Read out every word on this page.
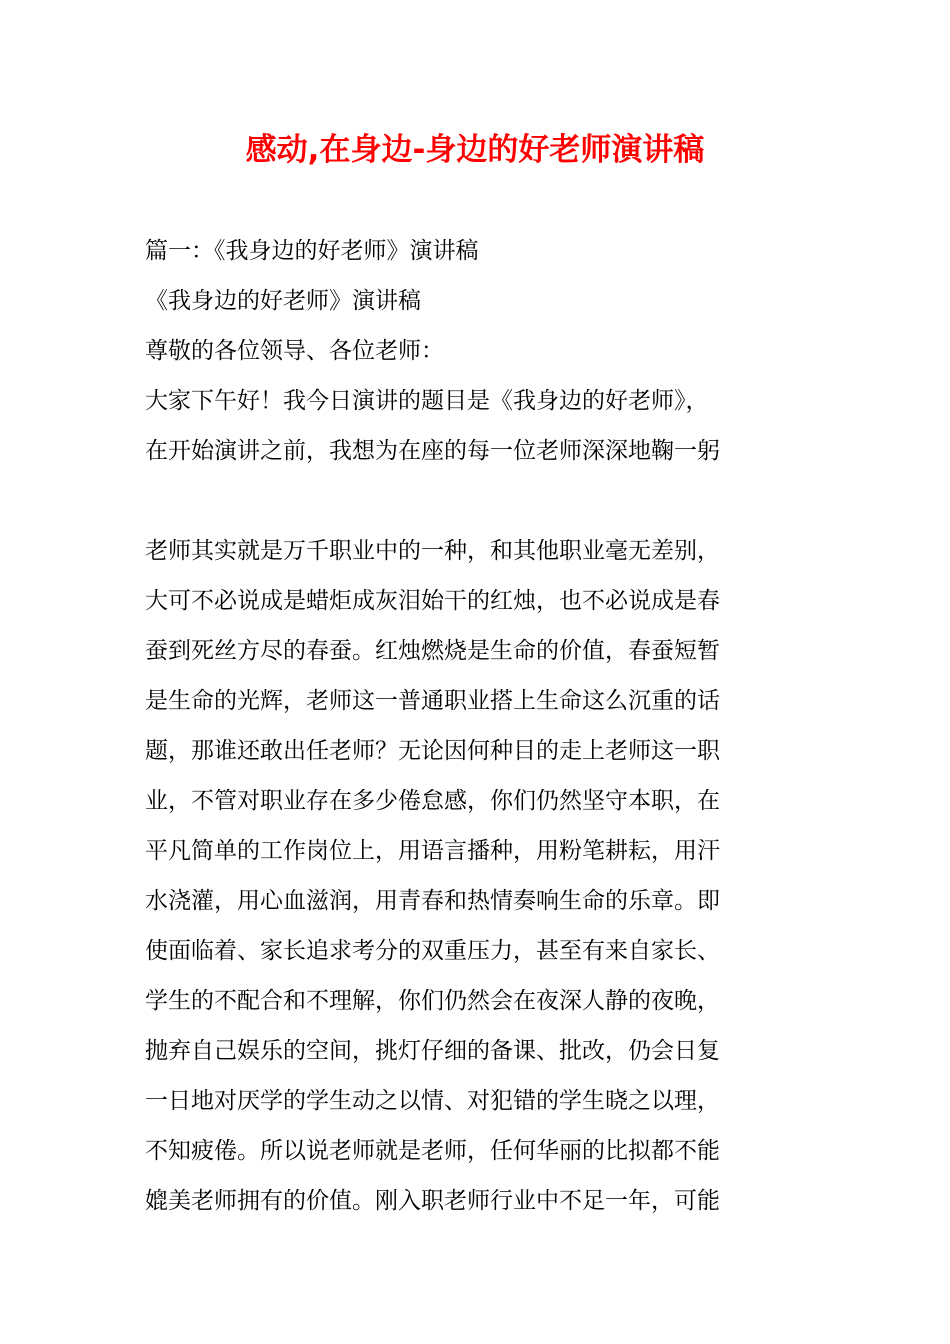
感动,在身边-身边的好老师演讲稿

篇一：《我身边的好老师》演讲稿

《我身边的好老师》演讲稿

尊敬的各位领导、各位老师：

大家下午好！我今日演讲的题目是《我身边的好老师》，

在开始演讲之前，我想为在座的每一位老师深深地鞠一躬

老师其实就是万千职业中的一种，和其他职业毫无差别，

大可不必说成是蜡炬成灰泪始干的红烛，也不必说成是春

蚕到死丝方尽的春蚕。红烛燃烧是生命的价值，春蚕短暂

是生命的光辉，老师这一普通职业搭上生命这么沉重的话

题，那谁还敢出任老师？无论因何种目的走上老师这一职

业，不管对职业存在多少倦怠感，你们仍然坚守本职，在

平凡简单的工作岗位上，用语言播种，用粉笔耕耘，用汗

水浇灌，用心血滋润，用青春和热情奏响生命的乐章。即

使面临着、家长追求考分的双重压力，甚至有来自家长、

学生的不配合和不理解，你们仍然会在夜深人静的夜晚，

抛弃自己娱乐的空间，挑灯仔细的备课、批改，仍会日复

一日地对厌学的学生动之以情、对犯错的学生晓之以理，

不知疲倦。所以说老师就是老师，任何华丽的比拟都不能

媲美老师拥有的价值。刚入职老师行业中不足一年，可能
